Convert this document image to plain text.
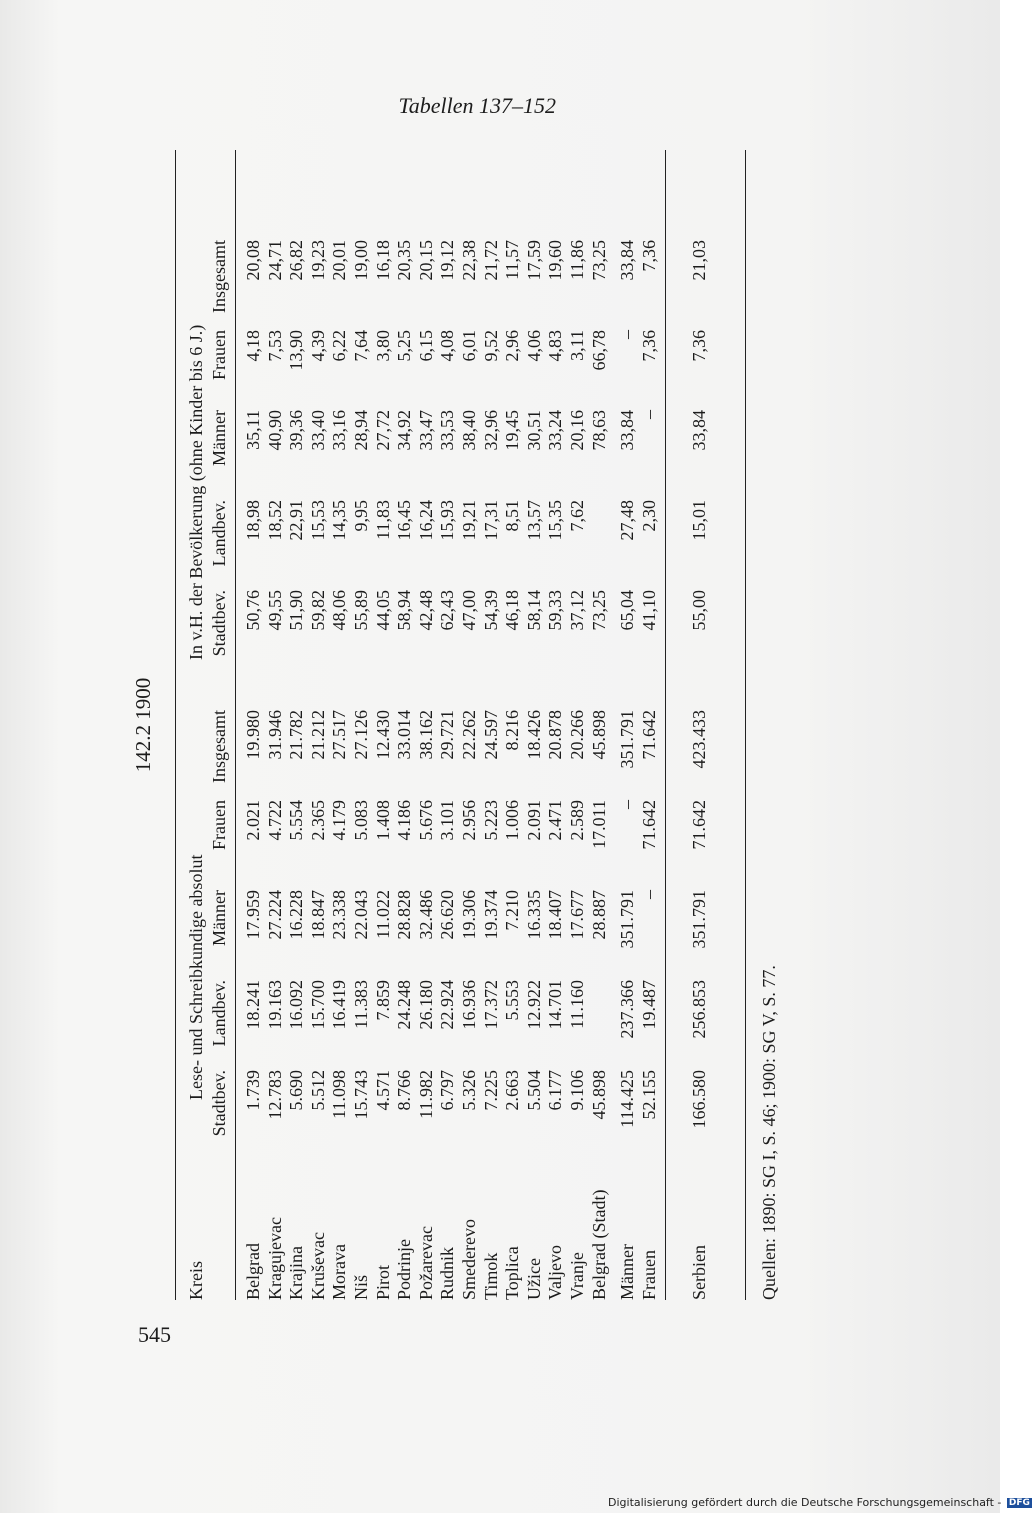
Tabellen 137–152
142.2 1900
Kreis
Lese- und Schreibkundige absolut
In v.H. der Bevölkerung (ohne Kinder bis 6 J.)
Stadtbev.
Landbev.
Männer
Frauen
Insgesamt
Stadtbev.
Landbev.
Männer
Frauen
Insgesamt
Belgrad
1.739
18.241
17.959
2.021
19.980
50,76
18,98
35,11
4,18
20,08
Kragujevac
12.783
19.163
27.224
4.722
31.946
49,55
18,52
40,90
7,53
24,71
Krajina
5.690
16.092
16.228
5.554
21.782
51,90
22,91
39,36
13,90
26,82
Kruševac
5.512
15.700
18.847
2.365
21.212
59,82
15,53
33,40
4,39
19,23
Morava
11.098
16.419
23.338
4.179
27.517
48,06
14,35
33,16
6,22
20,01
Niš
15.743
11.383
22.043
5.083
27.126
55,89
9,95
28,94
7,64
19,00
Pirot
4.571
7.859
11.022
1.408
12.430
44,05
11,83
27,72
3,80
16,18
Podrinje
8.766
24.248
28.828
4.186
33.014
58,94
16,45
34,92
5,25
20,35
Požarevac
11.982
26.180
32.486
5.676
38.162
42,48
16,24
33,47
6,15
20,15
Rudnik
6.797
22.924
26.620
3.101
29.721
62,43
15,93
33,53
4,08
19,12
Smederevo
5.326
16.936
19.306
2.956
22.262
47,00
19,21
38,40
6,01
22,38
Timok
7.225
17.372
19.374
5.223
24.597
54,39
17,31
32,96
9,52
21,72
Toplica
2.663
5.553
7.210
1.006
8.216
46,18
8,51
19,45
2,96
11,57
Užice
5.504
12.922
16.335
2.091
18.426
58,14
13,57
30,51
4,06
17,59
Valjevo
6.177
14.701
18.407
2.471
20.878
59,33
15,35
33,24
4,83
19,60
Vranje
9.106
11.160
17.677
2.589
20.266
37,12
7,62
20,16
3,11
11,86
Belgrad (Stadt)
45.898
28.887
17.011
45.898
73,25
78,63
66,78
73,25
Männer
114.425
237.366
351.791
–
351.791
65,04
27,48
33,84
–
33,84
Frauen
52.155
19.487
–
71.642
71.642
41,10
2,30
–
7,36
7,36
Serbien
166.580
256.853
351.791
71.642
423.433
55,00
15,01
33,84
7,36
21,03
Quellen: 1890: SG I, S. 46; 1900: SG V, S. 77.
545
Digitalisierung gefördert durch die Deutsche Forschungsgemeinschaft - DFG
